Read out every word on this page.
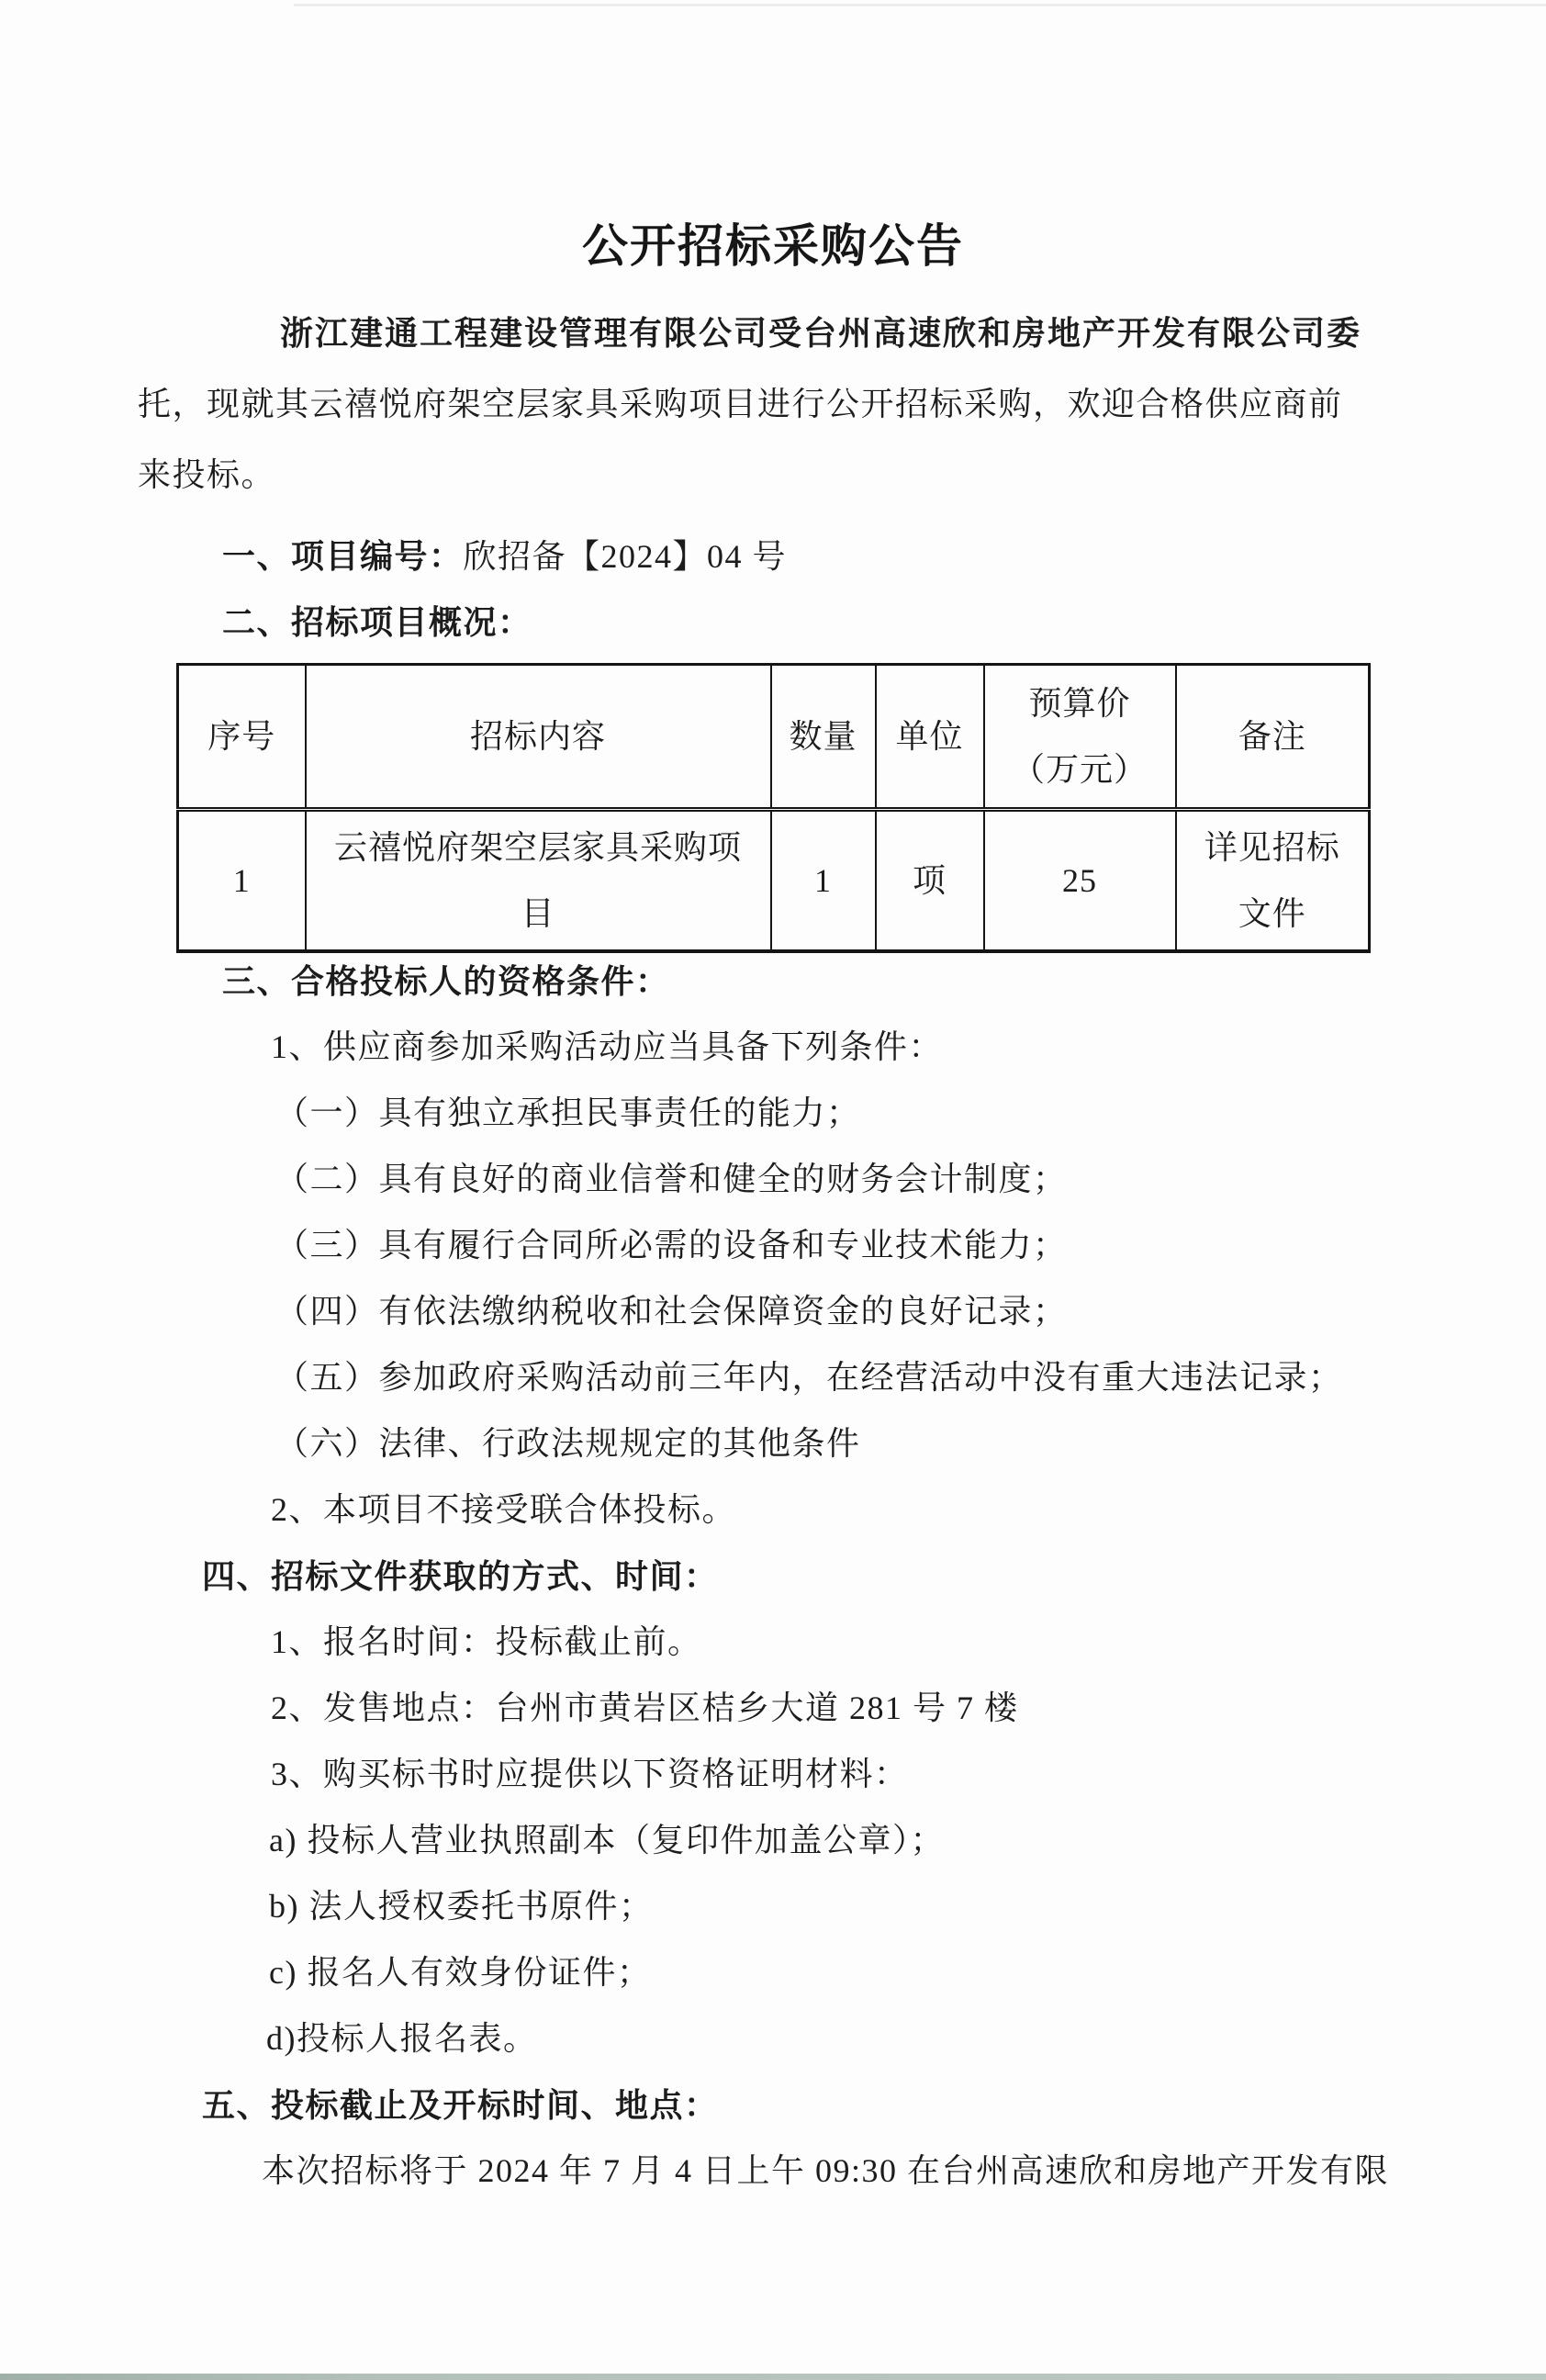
公开招标采购公告
浙江建通工程建设管理有限公司受台州高速欣和房地产开发有限公司委
托，现就其云禧悦府架空层家具采购项目进行公开招标采购，欢迎合格供应商前
来投标。
一、项目编号：欣招备【2024】04 号
二、招标项目概况：
序号	招标内容	数量	单位	预算价（万元）	备注
1	云禧悦府架空层家具采购项目	1	项	25	详见招标文件
三、合格投标人的资格条件：
1、供应商参加采购活动应当具备下列条件：
（一）具有独立承担民事责任的能力；
（二）具有良好的商业信誉和健全的财务会计制度；
（三）具有履行合同所必需的设备和专业技术能力；
（四）有依法缴纳税收和社会保障资金的良好记录；
（五）参加政府采购活动前三年内，在经营活动中没有重大违法记录；
（六）法律、行政法规规定的其他条件
2、本项目不接受联合体投标。
四、招标文件获取的方式、时间：
1、报名时间：投标截止前。
2、发售地点：台州市黄岩区桔乡大道 281 号 7 楼
3、购买标书时应提供以下资格证明材料：
a) 投标人营业执照副本（复印件加盖公章）；
b) 法人授权委托书原件；
c) 报名人有效身份证件；
d)投标人报名表。
五、投标截止及开标时间、地点：
本次招标将于 2024 年 7 月 4 日上午 09:30 在台州高速欣和房地产开发有限
